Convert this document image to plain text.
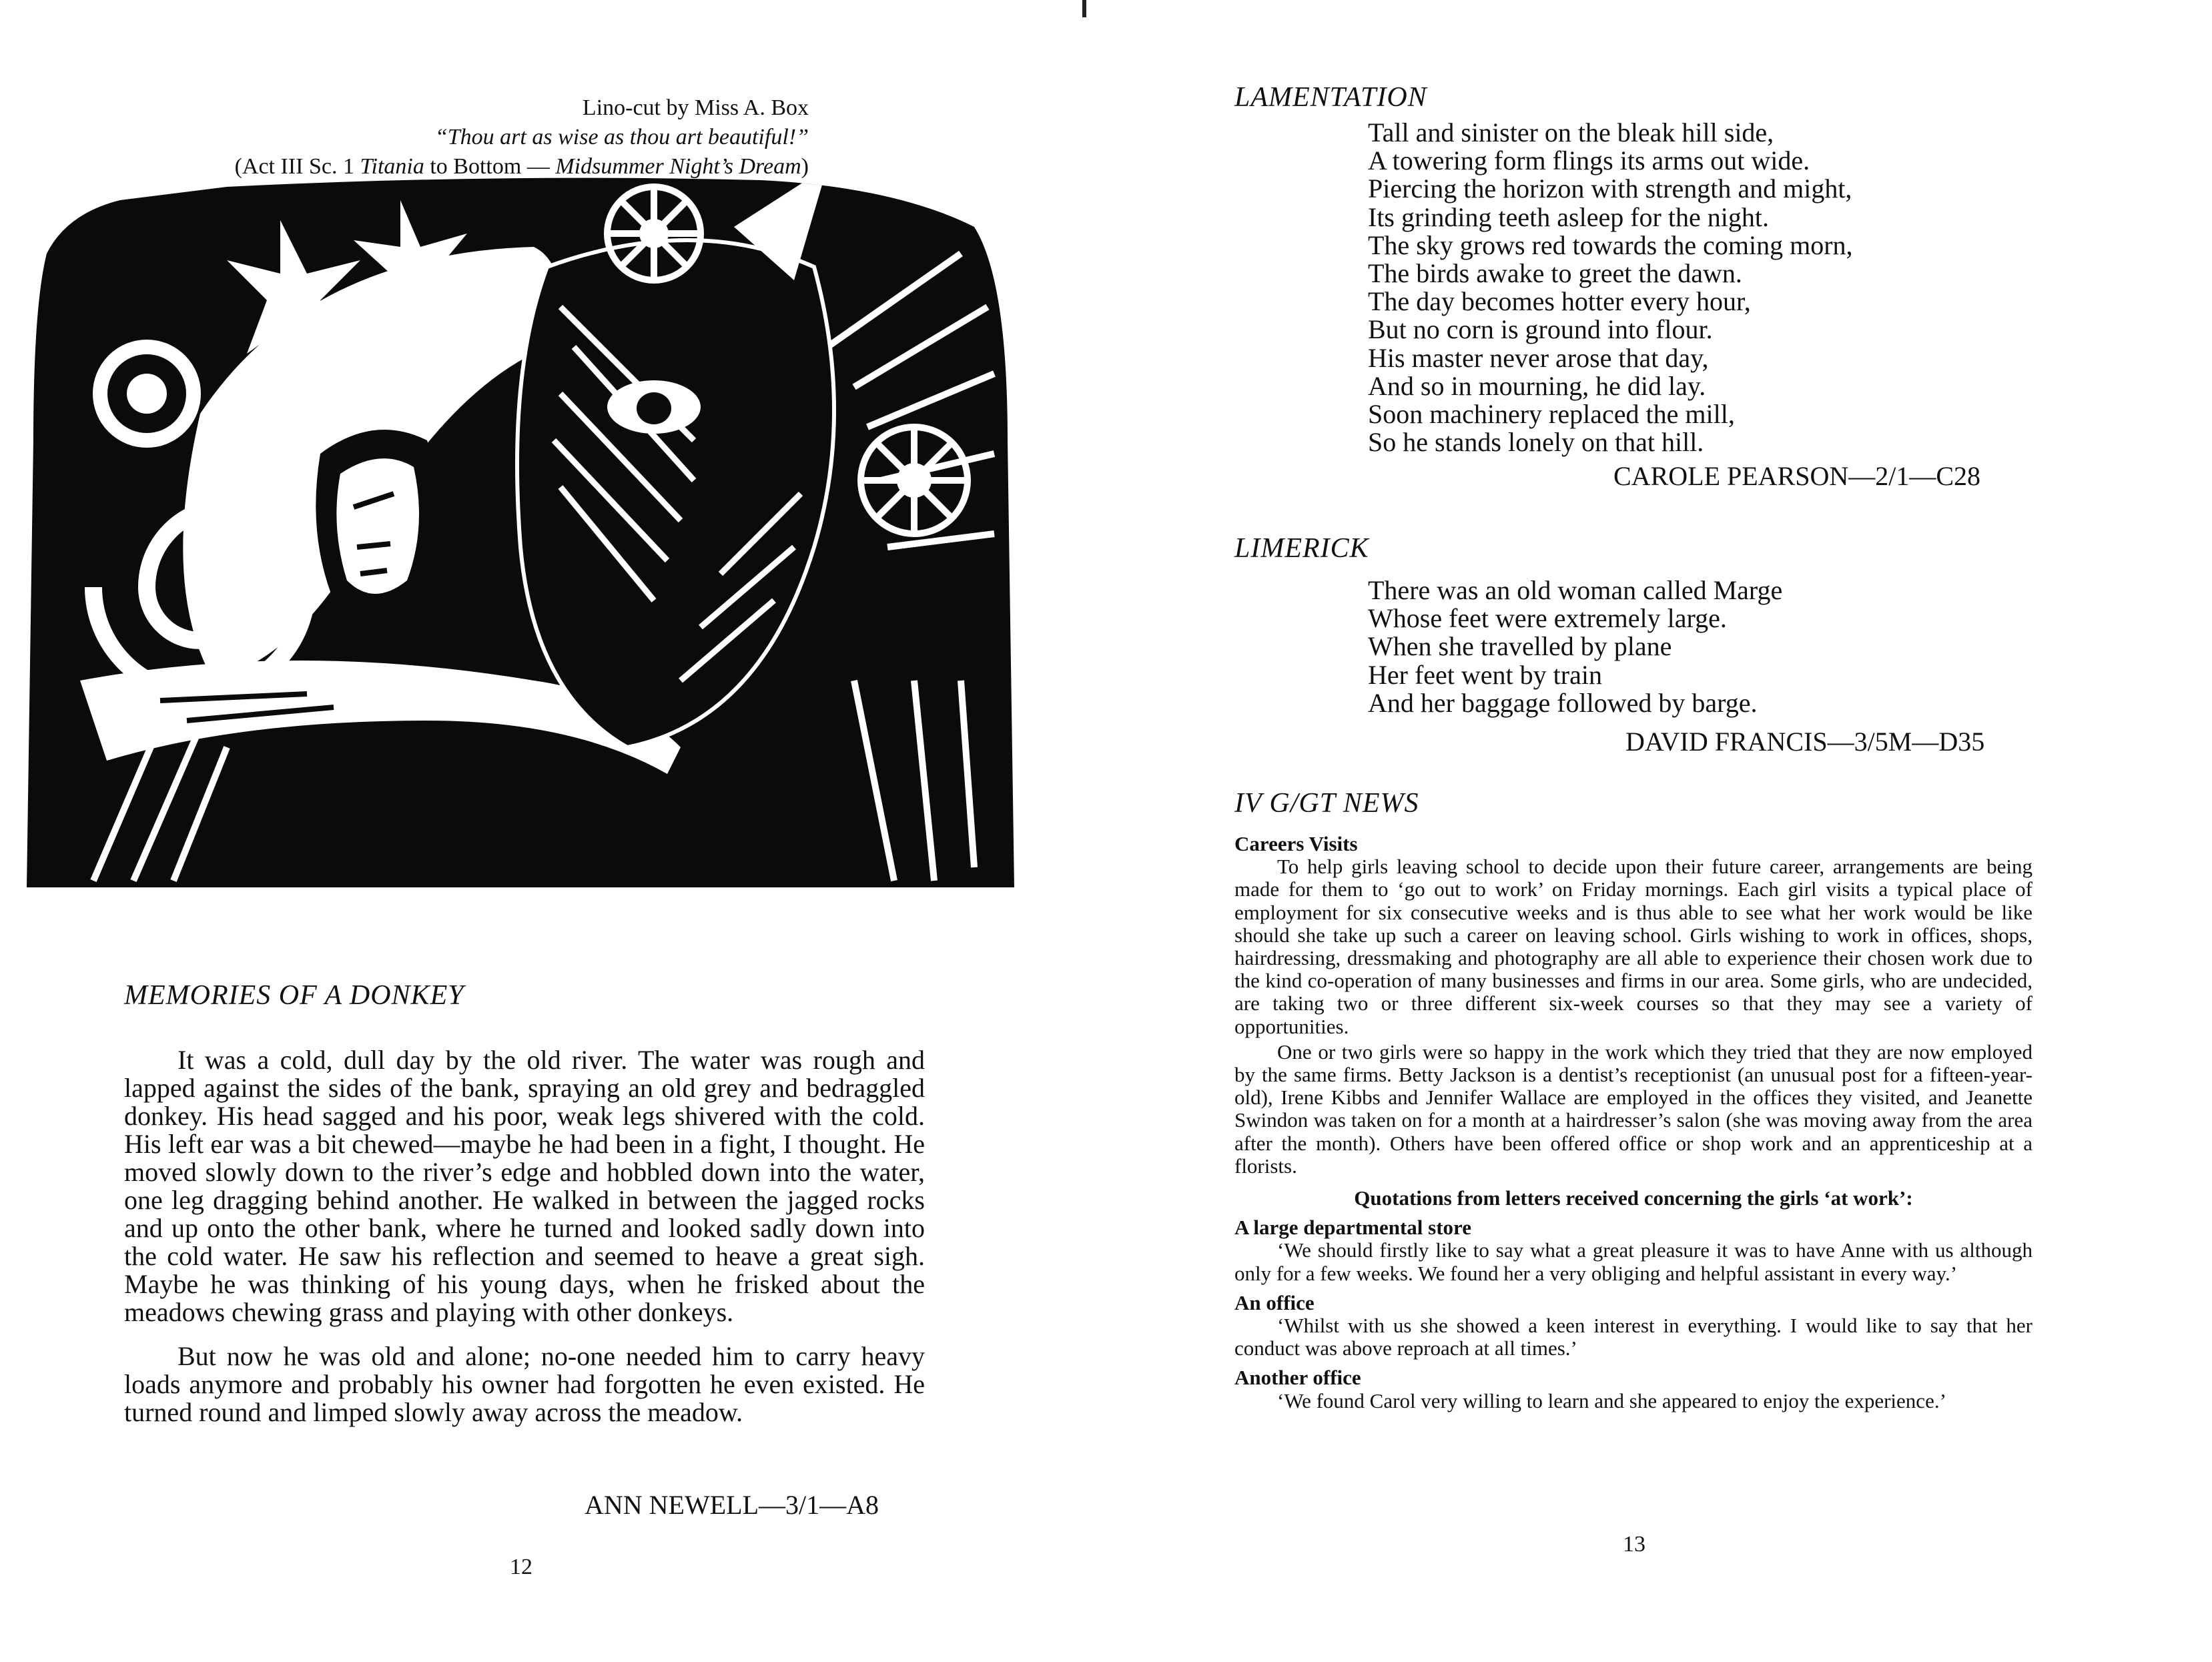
Lino-cut by Miss A. Box
“Thou art as wise as thou art beautiful!”
(Act III Sc. 1 Titania to Bottom — Midsummer Night’s Dream)
MEMORIES OF A DONKEY

It was a cold, dull day by the old river. The water was rough and lapped against the sides of the bank, spraying an old grey and bedraggled donkey. His head sagged and his poor, weak legs shivered with the cold. His left ear was a bit chewed—maybe he had been in a fight, I thought. He moved slowly down to the river’s edge and hobbled down into the water, one leg dragging behind another. He walked in between the jagged rocks and up onto the other bank, where he turned and looked sadly down into the cold water. He saw his reflection and seemed to heave a great sigh. Maybe he was thinking of his young days, when he frisked about the meadows chewing grass and playing with other donkeys.

But now he was old and alone; no-one needed him to carry heavy loads anymore and probably his owner had forgotten he even existed. He turned round and limped slowly away across the meadow.

ANN NEWELL—3/1—A8
12
LAMENTATION
Tall and sinister on the bleak hill side,
A towering form flings its arms out wide.
Piercing the horizon with strength and might,
Its grinding teeth asleep for the night.
The sky grows red towards the coming morn,
The birds awake to greet the dawn.
The day becomes hotter every hour,
But no corn is ground into flour.
His master never arose that day,
And so in mourning, he did lay.
Soon machinery replaced the mill,
So he stands lonely on that hill.
CAROLE PEARSON—2/1—C28
LIMERICK
There was an old woman called Marge
Whose feet were extremely large.
When she travelled by plane
Her feet went by train
And her baggage followed by barge.
DAVID FRANCIS—3/5M—D35
IV G/GT NEWS
Careers Visits

To help girls leaving school to decide upon their future career, arrangements are being made for them to ‘go out to work’ on Friday mornings. Each girl visits a typical place of employment for six consecutive weeks and is thus able to see what her work would be like should she take up such a career on leaving school. Girls wishing to work in offices, shops, hairdressing, dressmaking and photography are all able to experience their chosen work due to the kind co-operation of many businesses and firms in our area. Some girls, who are undecided, are taking two or three different six-week courses so that they may see a variety of opportunities.

One or two girls were so happy in the work which they tried that they are now employed by the same firms. Betty Jackson is a dentist’s receptionist (an unusual post for a fifteen-year-old), Irene Kibbs and Jennifer Wallace are employed in the offices they visited, and Jeanette Swindon was taken on for a month at a hairdresser’s salon (she was moving away from the area after the month). Others have been offered office or shop work and an apprenticeship at a florists.

Quotations from letters received concerning the girls ‘at work’:
A large departmental store

‘We should firstly like to say what a great pleasure it was to have Anne with us although only for a few weeks. We found her a very obliging and helpful assistant in every way.’

An office

‘Whilst with us she showed a keen interest in everything. I would like to say that her conduct was above reproach at all times.’

Another office

‘We found Carol very willing to learn and she appeared to enjoy the experience.’

13
